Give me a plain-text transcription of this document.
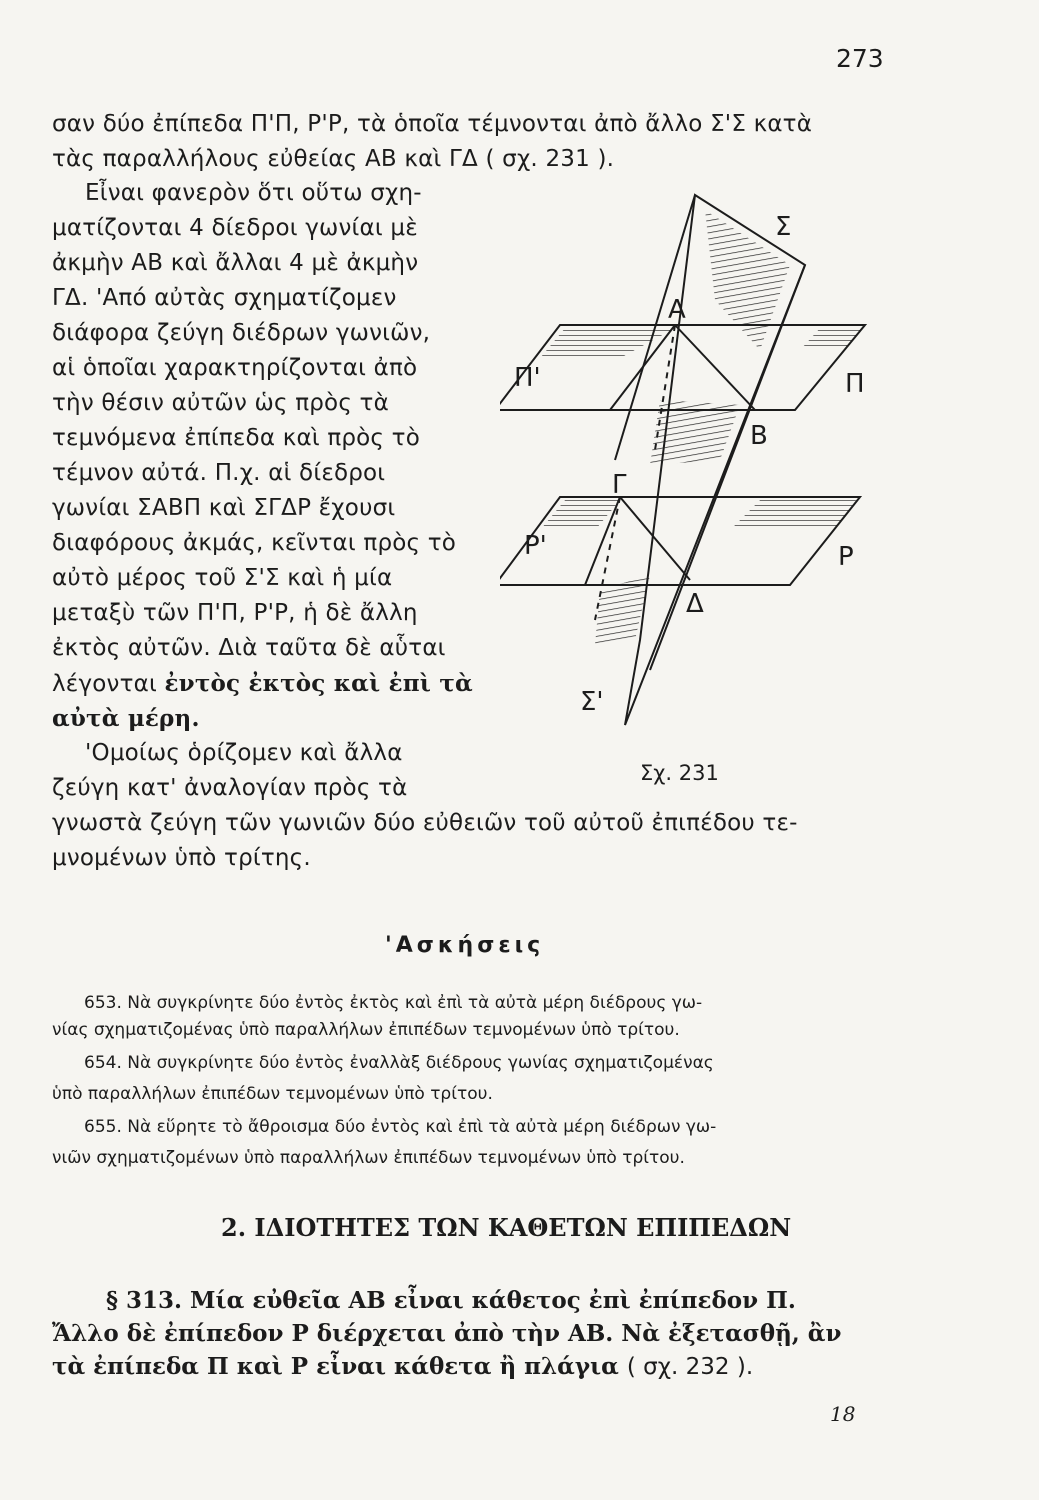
273
σαν δύο ἐπίπεδα Π'Π, Ρ'Ρ, τὰ ὁποῖα τέμνονται ἀπὸ ἄλλο Σ'Σ κατὰ
τὰς παραλλήλους εὐθείας ΑΒ καὶ ΓΔ ( σχ. 231 ).
Εἶναι φανερὸν ὅτι οὕτω σχη-
ματίζονται 4 δίεδροι γωνίαι μὲ
ἀκμὴν ΑΒ καὶ ἄλλαι 4 μὲ ἀκμὴν
ΓΔ. 'Από αὐτὰς σχηματίζομεν
διάφορα ζεύγη διέδρων γωνιῶν,
αἱ ὁποῖαι χαρακτηρίζονται ἀπὸ
τὴν θέσιν αὐτῶν ὡς πρὸς τὰ
τεμνόμενα ἐπίπεδα καὶ πρὸς τὸ
τέμνον αὐτά. Π.χ. αἱ δίεδροι
γωνίαι ΣΑΒΠ καὶ ΣΓΔΡ ἔχουσι
διαφόρους ἀκμάς, κεῖνται πρὸς τὸ
αὐτὸ μέρος τοῦ Σ'Σ καὶ ἡ μία
μεταξὺ τῶν Π'Π, Ρ'Ρ, ἡ δὲ ἄλλη
ἐκτὸς αὐτῶν. Διὰ ταῦτα δὲ αὗται
λέγονται ἐντὸς ἐκτὸς καὶ ἐπὶ τὰ
αὐτὰ μέρη.
'Ομοίως ὁρίζομεν καὶ ἄλλα
ζεύγη κατ' ἀναλογίαν πρὸς τὰ
γνωστὰ ζεύγη τῶν γωνιῶν δύο εὐθειῶν τοῦ αὐτοῦ ἐπιπέδου τε-
μνομένων ὑπὸ τρίτης.
Σ
Α
Π'	Π
Β
Γ
Ρ'	Ρ
Δ
Σ'
Σχ. 231
'Ασκήσεις
653. Νὰ συγκρίνητε δύο ἐντὸς ἐκτὸς καὶ ἐπὶ τὰ αὐτὰ μέρη διέδρους γω-
νίας σχηματιζομένας ὑπὸ παραλλήλων ἐπιπέδων τεμνομένων ὑπὸ τρίτου.
654. Νὰ συγκρίνητε δύο ἐντὸς ἐναλλὰξ διέδρους γωνίας σχηματιζομένας
ὑπὸ παραλλήλων ἐπιπέδων τεμνομένων ὑπὸ τρίτου.
655. Νὰ εὕρητε τὸ ἄθροισμα δύο ἐντὸς καὶ ἐπὶ τὰ αὐτὰ μέρη διέδρων γω-
νιῶν σχηματιζομένων ὑπὸ παραλλήλων ἐπιπέδων τεμνομένων ὑπὸ τρίτου.
2. ΙΔΙΟΤΗΤΕΣ ΤΩΝ ΚΑΘΕΤΩΝ ΕΠΙΠΕΔΩΝ
§ 313. Μία εὐθεῖα ΑΒ εἶναι κάθετος ἐπὶ ἐπίπεδον Π.
Ἄλλο δὲ ἐπίπεδον Ρ διέρχεται ἀπὸ τὴν ΑΒ. Νὰ ἐξετασθῇ, ἂν
τὰ ἐπίπεδα Π καὶ Ρ εἶναι κάθετα ἢ πλάγια ( σχ. 232 ).
18
